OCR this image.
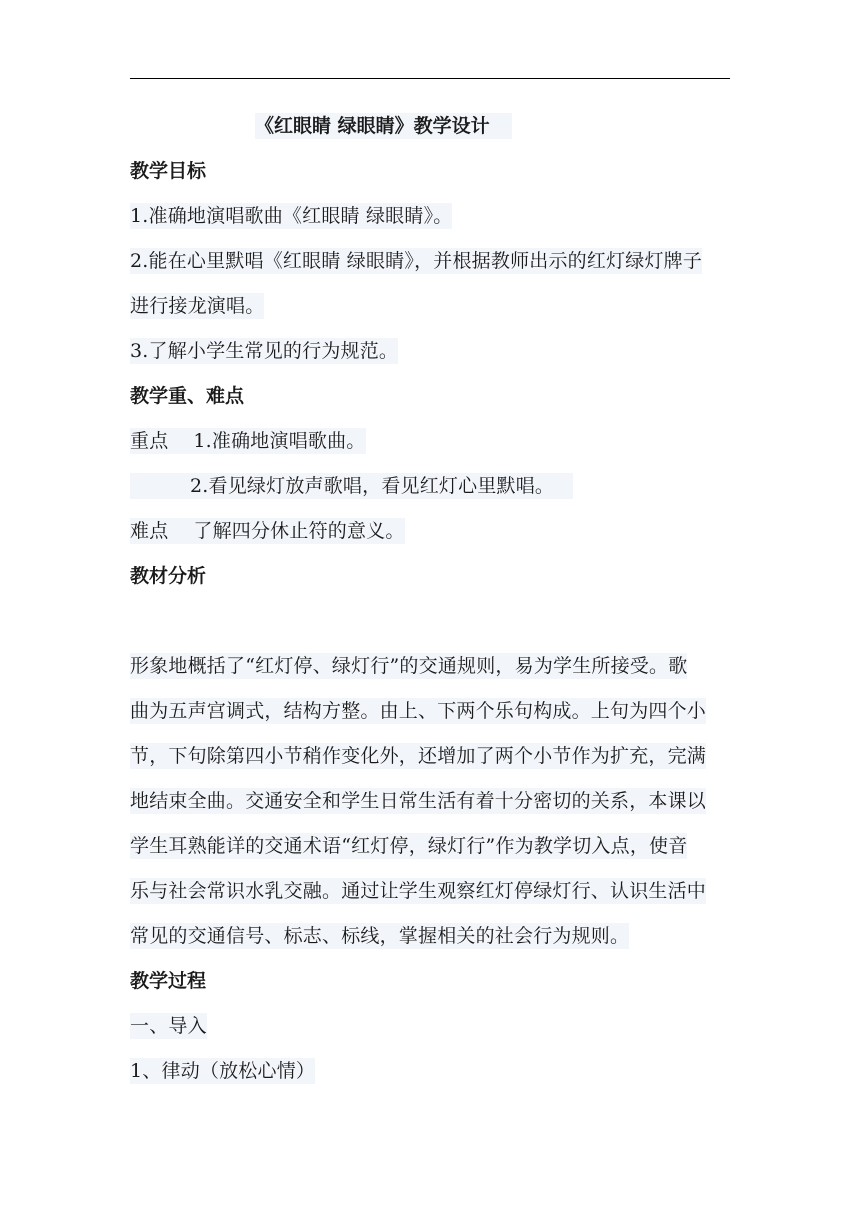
《红眼睛 绿眼睛》教学设计
教学目标
1.准确地演唱歌曲《红眼睛 绿眼睛》。
2.能在心里默唱《红眼睛 绿眼睛》，并根据教师出示的红灯绿灯牌子
进行接龙演唱。
3.了解小学生常见的行为规范。
教学重、难点
重点 1.准确地演唱歌曲。
2.看见绿灯放声歌唱，看见红灯心里默唱。
难点 了解四分休止符的意义。
教材分析

形象地概括了“红灯停、绿灯行”的交通规则，易为学生所接受。歌
曲为五声宫调式，结构方整。由上、下两个乐句构成。上句为四个小
节，下句除第四小节稍作变化外，还增加了两个小节作为扩充，完满
地结束全曲。交通安全和学生日常生活有着十分密切的关系，本课以
学生耳熟能详的交通术语“红灯停，绿灯行”作为教学切入点，使音
乐与社会常识水乳交融。通过让学生观察红灯停绿灯行、认识生活中
常见的交通信号、标志、标线，掌握相关的社会行为规则。
教学过程
一、导入
1、律动（放松心情）
